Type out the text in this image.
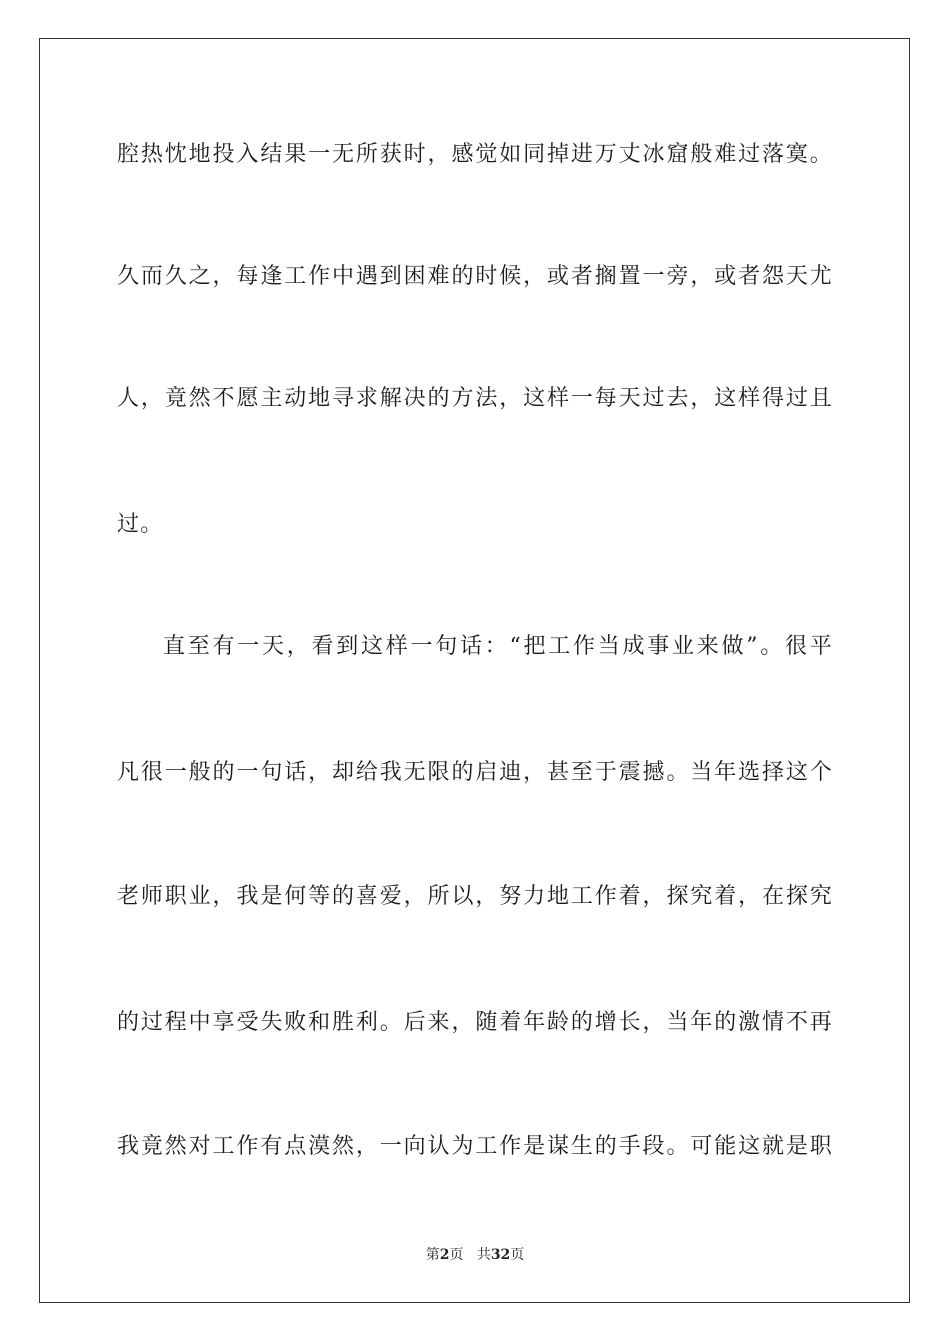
腔热忱地投入结果一无所获时，感觉如同掉进万丈冰窟般难过落寞。
久而久之，每逢工作中遇到困难的时候，或者搁置一旁，或者怨天尤
人，竟然不愿主动地寻求解决的方法，这样一每天过去，这样得过且
过。
直至有一天，看到这样一句话：“把工作当成事业来做”。很平
凡很一般的一句话，却给我无限的启迪，甚至于震撼。当年选择这个
老师职业，我是何等的喜爱，所以，努力地工作着，探究着，在探究
的过程中享受失败和胜利。后来，随着年龄的增长，当年的激情不再
我竟然对工作有点漠然，一向认为工作是谋生的手段。可能这就是职
第2页 共32页
